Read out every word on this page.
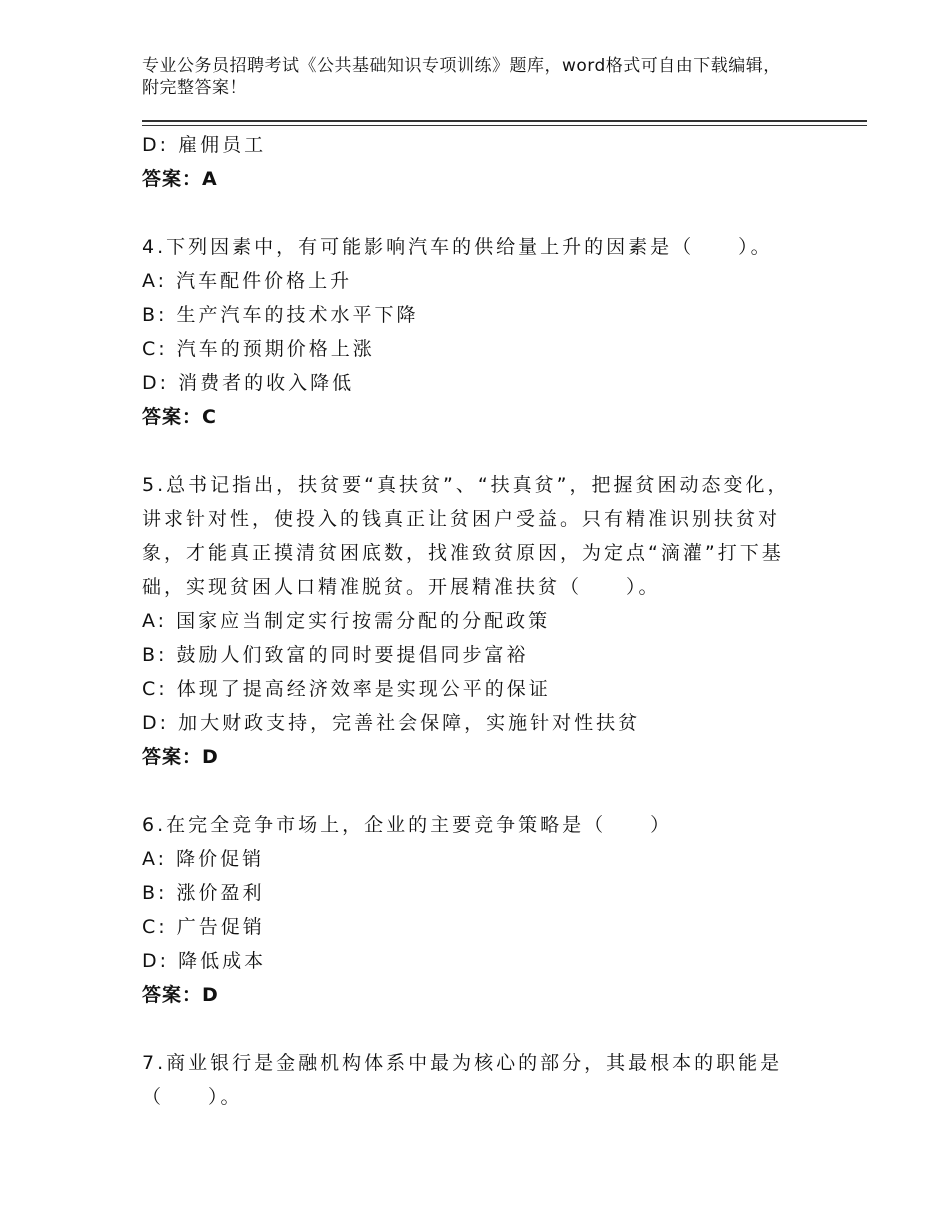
专业公务员招聘考试《公共基础知识专项训练》题库，word格式可自由下载编辑，附完整答案！
D: 雇佣员工
答案：A
4.下列因素中，有可能影响汽车的供给量上升的因素是（　　）。
A: 汽车配件价格上升
B: 生产汽车的技术水平下降
C: 汽车的预期价格上涨
D: 消费者的收入降低
答案：C
5.总书记指出，扶贫要“真扶贫”、“扶真贫”，把握贫困动态变化，讲求针对性，使投入的钱真正让贫困户受益。只有精准识别扶贫对象，才能真正摸清贫困底数，找准致贫原因，为定点“滴灌”打下基础，实现贫困人口精准脱贫。开展精准扶贫（　　）。
A: 国家应当制定实行按需分配的分配政策
B: 鼓励人们致富的同时要提倡同步富裕
C: 体现了提高经济效率是实现公平的保证
D: 加大财政支持，完善社会保障，实施针对性扶贫
答案：D
6.在完全竞争市场上，企业的主要竞争策略是（　　）
A: 降价促销
B: 涨价盈利
C: 广告促销
D: 降低成本
答案：D
7.商业银行是金融机构体系中最为核心的部分，其最根本的职能是（　　）。
